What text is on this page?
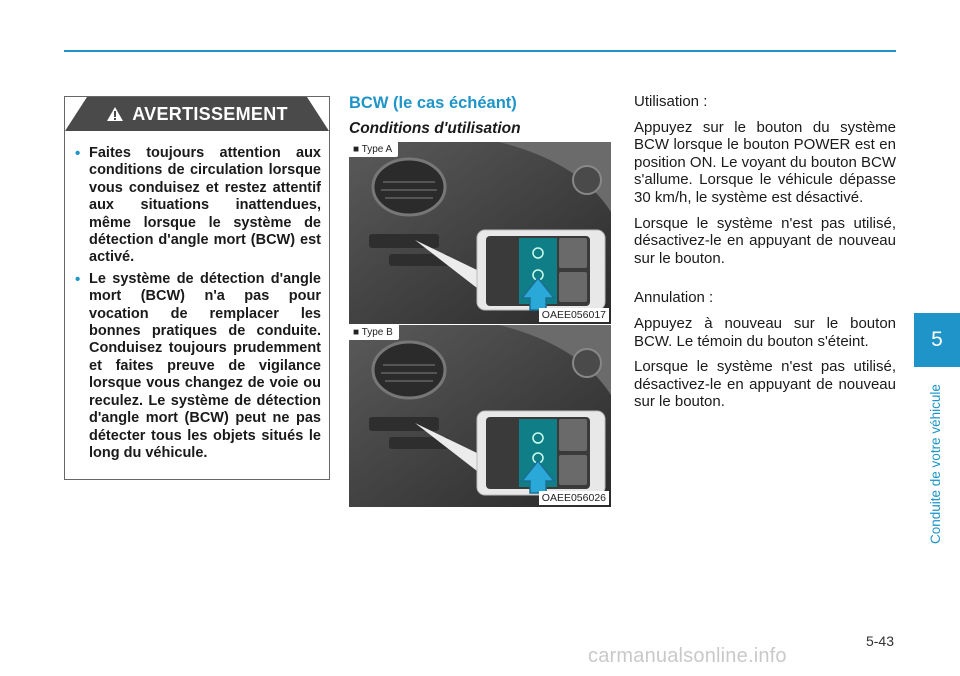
AVERTISSEMENT
• Faites toujours attention aux conditions de circulation lorsque vous conduisez et restez attentif aux situations inattendues, même lorsque le système de détection d'angle mort (BCW) est activé.
• Le système de détection d'angle mort (BCW) n'a pas pour vocation de remplacer les bonnes pratiques de conduite. Conduisez toujours prudemment et faites preuve de vigilance lorsque vous changez de voie ou reculez. Le système de détection d'angle mort (BCW) peut ne pas détecter tous les objets situés le long du véhicule.
BCW (le cas échéant)
Conditions d'utilisation
■ Type A
OAEE056017
■ Type B
OAEE056026

Utilisation :

Appuyez sur le bouton du système BCW lorsque le bouton POWER est en position ON. Le voyant du bouton BCW s'allume. Lorsque le véhicule dépasse 30 km/h, le système est désactivé.

Lorsque le système n'est pas utilisé, désactivez-le en appuyant de nouveau sur le bouton.

Annulation :

Appuyez à nouveau sur le bouton BCW. Le témoin du bouton s'éteint.

Lorsque le système n'est pas utilisé, désactivez-le en appuyant de nouveau sur le bouton.

5
Conduite de votre véhicule
5-43
carmanualsonline.info
